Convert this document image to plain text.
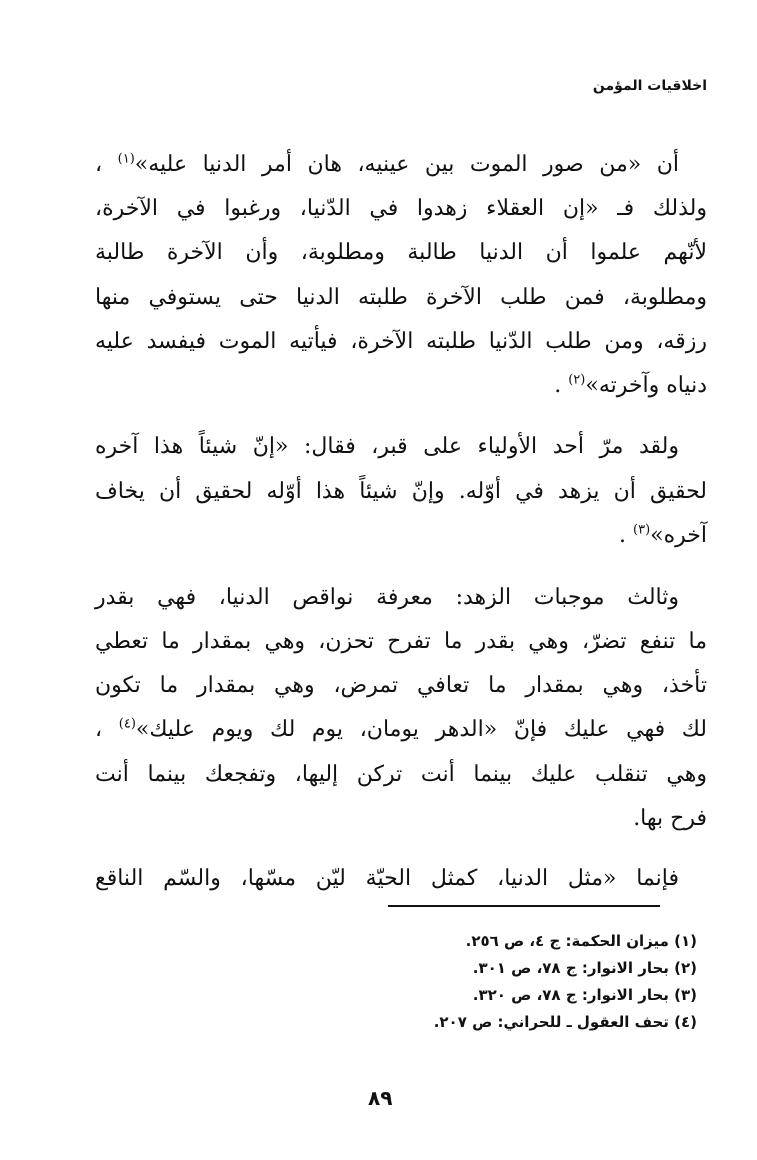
اخلاقيات المؤمن
أن «من صور الموت بين عينيه، هان أمر الدنيا عليه»$^{(١)}$ ،
ولذلك فـ «إن العقلاء زهدوا في الدّنيا، ورغبوا في الآخرة،
لأنّهم علموا أن الدنيا طالبة ومطلوبة، وأن الآخرة طالبة
ومطلوبة، فمن طلب الآخرة طلبته الدنيا حتى يستوفي منها
رزقه، ومن طلب الدّنيا طلبته الآخرة، فيأتيه الموت فيفسد عليه
دنياه وآخرته»$^{(٢)}$ .
ولقد مرّ أحد الأولياء على قبر، فقال: «إنّ شيئاً هذا آخره
لحقيق أن يزهد في أوّله. وإنّ شيئاً هذا أوّله لحقيق أن يخاف
آخره»$^{(٣)}$ .
وثالث موجبات الزهد: معرفة نواقص الدنيا، فهي بقدر
ما تنفع تضرّ، وهي بقدر ما تفرح تحزن، وهي بمقدار ما تعطي
تأخذ، وهي بمقدار ما تعافي تمرض، وهي بمقدار ما تكون
لك فهي عليك فإنّ «الدهر يومان، يوم لك ويوم عليك»$^{(٤)}$ ،
وهي تنقلب عليك بينما أنت تركن إليها، وتفجعك بينما أنت
فرح بها.
فإنما «مثل الدنيا، كمثل الحيّة ليّن مسّها، والسّم الناقع
(١) ميزان الحكمة: ج ٤، ص ٢٥٦.
(٢) بحار الانوار: ج ٧٨، ص ٣٠١.
(٣) بحار الانوار: ج ٧٨، ص ٣٢٠.
(٤) تحف العقول ـ للحراني: ص ٢٠٧.
٨٩
